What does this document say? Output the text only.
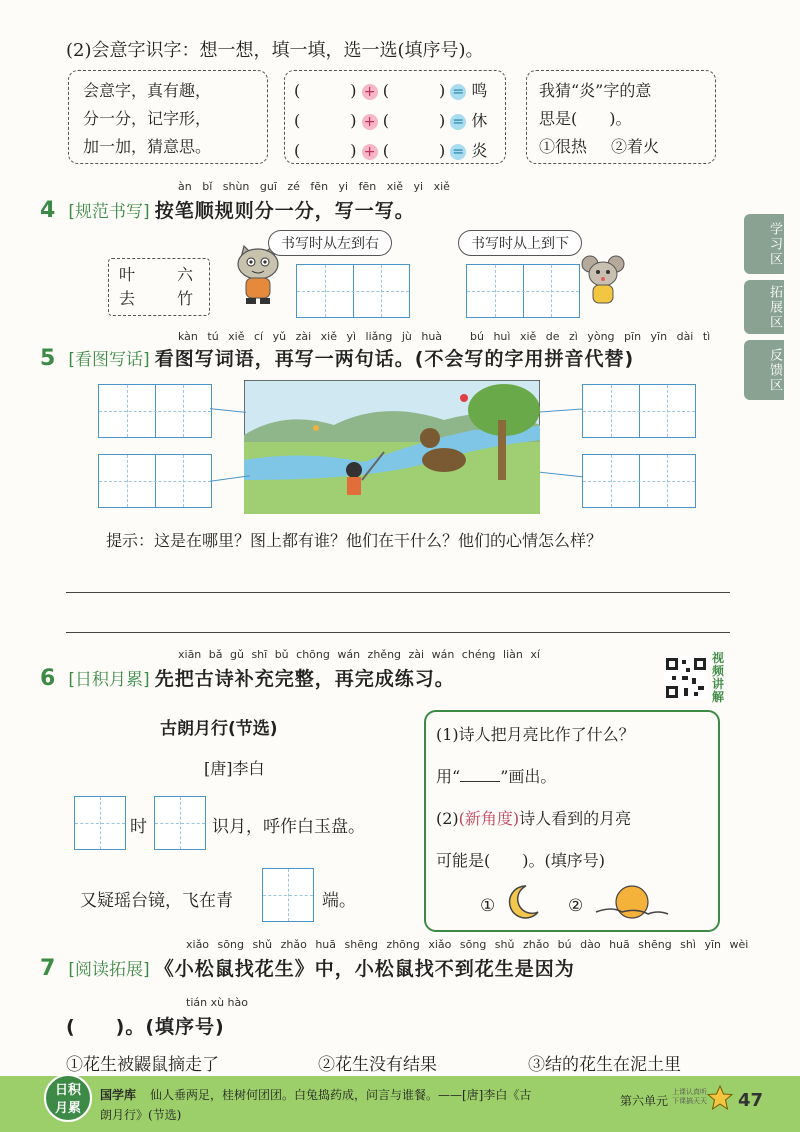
(2)会意字识字：想一想，填一填，选一选(填序号)。
会意字，真有趣，
分一分，记字形，
加一加，猜意思。
(	) + (	) = 鸣
(	) + (	) = 休
(	) + (	) = 炎
我猜“炎”字的意
思是(　　)。
①很热 ②着火
àn bǐ shùn guī zé fēn yi fēn xiě yi xiě
4 [规范书写] 按笔顺规则分一分，写一写。
叶	六
去	竹
书写时从左到右	书写时从上到下	学习区
拓展区
反馈区
kàn tú xiě cí yǔ zài xiě yì liǎng jù huà	bú huì xiě de zì yòng pīn yīn dài tì
5 [看图写话] 看图写词语，再写一两句话。(不会写的字用拼音代替)
提示：这是在哪里？图上都有谁？他们在干什么？他们的心情怎么样？
xiān bǎ gǔ shī bǔ chōng wán zhěng zài wán chéng liàn xí
6 [日积月累] 先把古诗补充完整，再完成练习。
视频讲解
古朗月行(节选)
[唐]李白
时	识月，呼作白玉盘。
又疑瑶台镜，飞在青	端。
(1)诗人把月亮比作了什么？
用“	”画出。
(2)(新角度)诗人看到的月亮
可能是(　　)。(填序号)
①	②
xiǎo sōng shǔ zhǎo huā shēng zhōng xiǎo sōng shǔ zhǎo bú dào huā shēng shì yīn wèi
7 [阅读拓展] 《小松鼠找花生》中，小松鼠找不到花生是因为
tián xù hào
(　　)。(填序号)
①花生被鼹鼠摘走了	②花生没有结果	③结的花生在泥土里
日积
月累
国学库 仙人垂两足，桂树何团团。白兔捣药成，问言与谁餐。——[唐]李白《古
朗月行》(节选)
第六单元
上课认真听
下课搞天天 47
